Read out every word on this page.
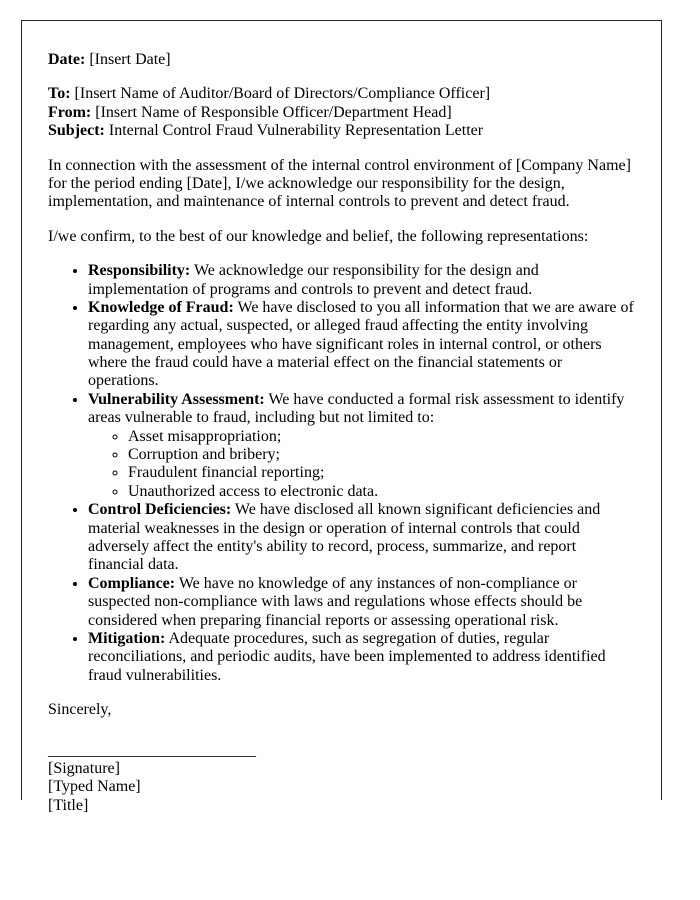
Date: [Insert Date]

To: [Insert Name of Auditor/Board of Directors/Compliance Officer]
From: [Insert Name of Responsible Officer/Department Head]
Subject: Internal Control Fraud Vulnerability Representation Letter

In connection with the assessment of the internal control environment of [Company Name] for the period ending [Date], I/we acknowledge our responsibility for the design, implementation, and maintenance of internal controls to prevent and detect fraud.

I/we confirm, to the best of our knowledge and belief, the following representations:

• Responsibility: We acknowledge our responsibility for the design and implementation of programs and controls to prevent and detect fraud.
• Knowledge of Fraud: We have disclosed to you all information that we are aware of regarding any actual, suspected, or alleged fraud affecting the entity involving management, employees who have significant roles in internal control, or others where the fraud could have a material effect on the financial statements or operations.
• Vulnerability Assessment: We have conducted a formal risk assessment to identify areas vulnerable to fraud, including but not limited to:
◦ Asset misappropriation;
◦ Corruption and bribery;
◦ Fraudulent financial reporting;
◦ Unauthorized access to electronic data.
• Control Deficiencies: We have disclosed all known significant deficiencies and material weaknesses in the design or operation of internal controls that could adversely affect the entity's ability to record, process, summarize, and report financial data.
• Compliance: We have no knowledge of any instances of non-compliance or suspected non-compliance with laws and regulations whose effects should be considered when preparing financial reports or assessing operational risk.
• Mitigation: Adequate procedures, such as segregation of duties, regular reconciliations, and periodic audits, have been implemented to address identified fraud vulnerabilities.

Sincerely,

__________________________
[Signature]
[Typed Name]
[Title]
